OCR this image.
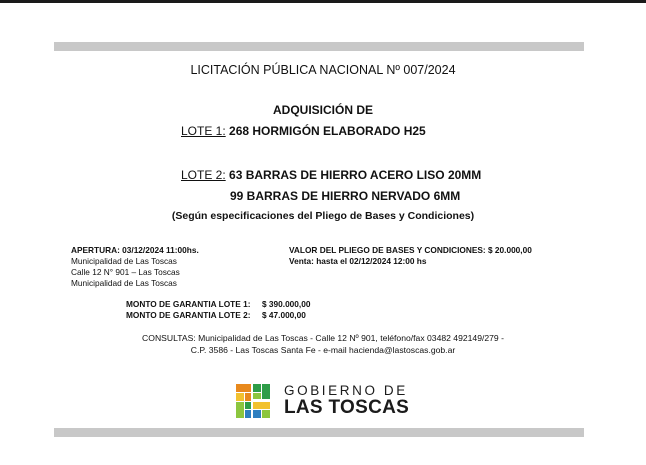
LICITACIÓN PÚBLICA NACIONAL Nº 007/2024
ADQUISICIÓN DE
LOTE 1: 268 HORMIGÓN ELABORADO H25
LOTE 2: 63 BARRAS DE HIERRO ACERO LISO 20MM
99 BARRAS DE HIERRO NERVADO 6MM
(Según especificaciones del Pliego de Bases y Condiciones)
APERTURA: 03/12/2024 11:00hs.
Municipalidad de Las Toscas
Calle 12 N° 901 – Las Toscas
Municipalidad de Las Toscas
VALOR DEL PLIEGO DE BASES Y CONDICIONES: $ 20.000,00
Venta: hasta el 02/12/2024 12:00 hs
MONTO DE GARANTIA LOTE 1:	$ 390.000,00
MONTO DE GARANTIA LOTE 2:	$ 47.000,00
CONSULTAS: Municipalidad de Las Toscas - Calle 12 Nº 901, teléfono/fax 03482 492149/279 -
C.P. 3586 - Las Toscas Santa Fe - e-mail hacienda@lastoscas.gob.ar
GOBIERNO DE
LAS TOSCAS
